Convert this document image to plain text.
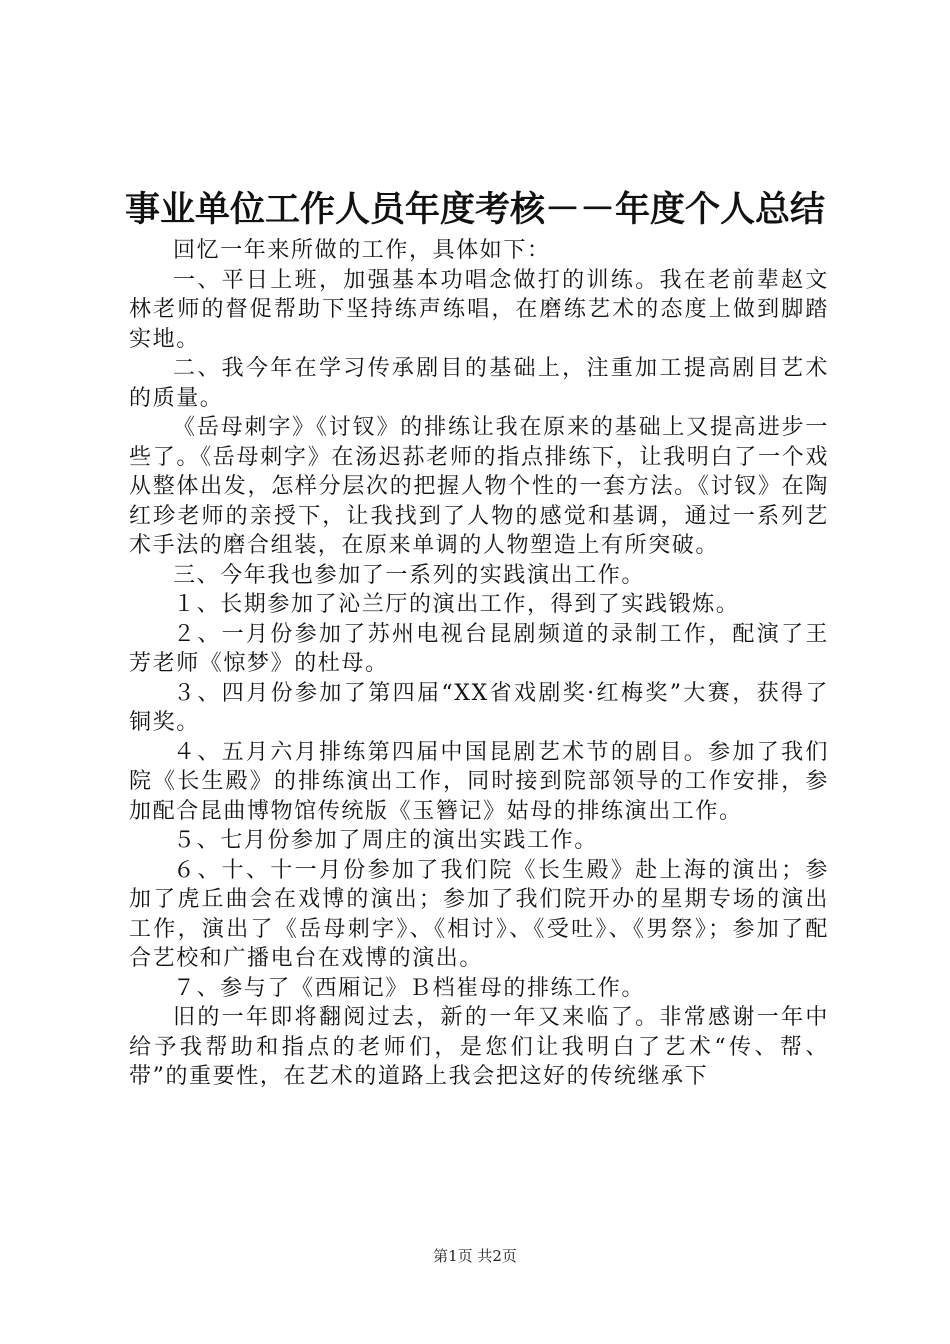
事业单位工作人员年度考核－－年度个人总结

回忆一年来所做的工作，具体如下：

一、平日上班，加强基本功唱念做打的训练。我在老前辈赵文林老师的督促帮助下坚持练声练唱，在磨练艺术的态度上做到脚踏实地。

二、我今年在学习传承剧目的基础上，注重加工提高剧目艺术的质量。

《岳母刺字》《讨钗》的排练让我在原来的基础上又提高进步一些了。《岳母刺字》在汤迟荪老师的指点排练下，让我明白了一个戏从整体出发，怎样分层次的把握人物个性的一套方法。《讨钗》在陶红珍老师的亲授下，让我找到了人物的感觉和基调，通过一系列艺术手法的磨合组装，在原来单调的人物塑造上有所突破。

三、今年我也参加了一系列的实践演出工作。

１、长期参加了沁兰厅的演出工作，得到了实践锻炼。

２、一月份参加了苏州电视台昆剧频道的录制工作，配演了王芳老师《惊梦》的杜母。

３、四月份参加了第四届“XX省戏剧奖·红梅奖”大赛，获得了铜奖。

４、五月六月排练第四届中国昆剧艺术节的剧目。参加了我们院《长生殿》的排练演出工作，同时接到院部领导的工作安排，参加配合昆曲博物馆传统版《玉簪记》姑母的排练演出工作。

５、七月份参加了周庄的演出实践工作。

６、十、十一月份参加了我们院《长生殿》赴上海的演出；参加了虎丘曲会在戏博的演出；参加了我们院开办的星期专场的演出工作，演出了《岳母刺字》、《相讨》、《受吐》、《男祭》；参加了配合艺校和广播电台在戏博的演出。

７、参与了《西厢记》Ｂ档崔母的排练工作。

旧的一年即将翻阅过去，新的一年又来临了。非常感谢一年中给予我帮助和指点的老师们，是您们让我明白了艺术“传、帮、带”的重要性，在艺术的道路上我会把这好的传统继承下

第1页 共2页
